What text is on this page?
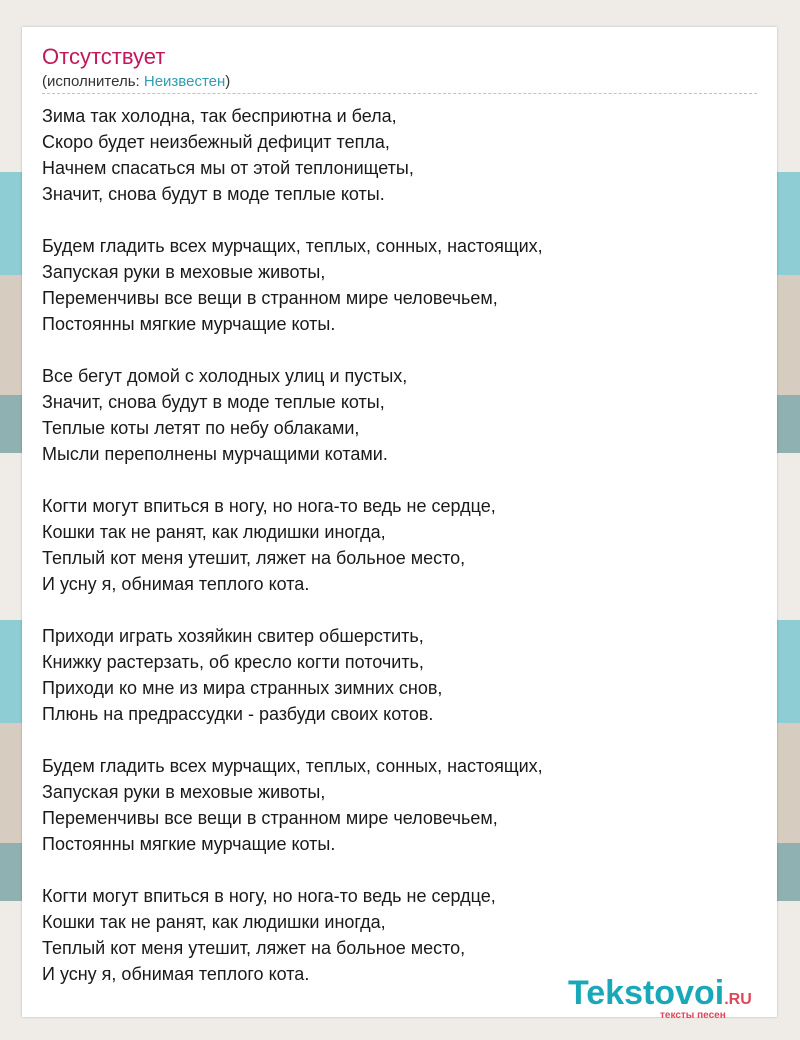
Отсутствует
(исполнитель: Неизвестен)
Зима так холодна, так бесприютна и бела,
Скоро будет неизбежный дефицит тепла,
Начнем спасаться мы от этой теплонищеты,
Значит, снова будут в моде теплые коты.
Будем гладить всех мурчащих, теплых, сонных, настоящих,
Запуская руки в меховые животы,
Переменчивы все вещи в странном мире человечьем,
Постоянны мягкие мурчащие коты.
Все бегут домой с холодных улиц и пустых,
Значит, снова будут в моде теплые коты,
Теплые коты летят по небу облаками,
Мысли переполнены мурчащими котами.
Когти могут впиться в ногу, но нога-то ведь не сердце,
Кошки так не ранят, как людишки иногда,
Теплый кот меня утешит, ляжет на больное место,
И усну я, обнимая теплого кота.
Приходи играть хозяйкин свитер обшерстить,
Книжку растерзать, об кресло когти поточить,
Приходи ко мне из мира странных зимних снов,
Плюнь на предрассудки - разбуди своих котов.
Будем гладить всех мурчащих, теплых, сонных, настоящих,
Запуская руки в меховые животы,
Переменчивы все вещи в странном мире человечьем,
Постоянны мягкие мурчащие коты.
Когти могут впиться в ногу, но нога-то ведь не сердце,
Кошки так не ранят, как людишки иногда,
Теплый кот меня утешит, ляжет на больное место,
И усну я, обнимая теплого кота.	Tekstovoi.RU
тексты песен
